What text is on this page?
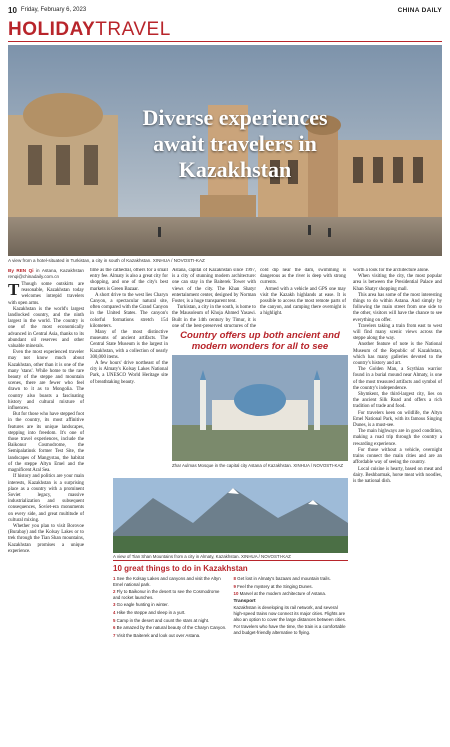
10 Friday, February 6, 2023	CHINA DAILY
HOLIDAY TRAVEL
Diverse experiences
await travelers in
Kazakhstan
A view from a hotel-situated in Turkistan, a city in south of Kazakhstan. XINHUA / NOVOSTI-KAZ
By REN Qi in Astana, Kazakhstan renqi@chinadaily.com.cn

T Though some outskirts are reasonable, Kazakhstan today welcomes intrepid travelers with open arms.

Kazakhstan is the world's largest landlocked country, and the ninth largest in the world. The country is one of the most economically advanced in Central Asia, thanks to its abundant oil reserves and other valuable minerals.

Even the most experienced traveler may not know much about Kazakhstan, other than it is one of the many 'stans'. While home to the rare beauty of the steppe and mountain scenes, there are fewer who feel drawn to it as to Mongolia. The country also boasts a fascinating history and cultural mixture of influences.

But for those who have stepped foot in the country, its most affinitive features are its unique landscapes, stepping into freedom. It's one of those travel experiences, include the Baikonur Cosmodrome, the Semipalatinsk former Test Site, the landscapes of Mangystau, the habitat of the steppe Altyn Emel and the magnificent Aral Sea.

If history and politics are your main interests, Kazakhstan is a surprising place as a country with a prominent Soviet legacy, massive industrialization and subsequent consequences, Soviet-era monuments on every side, and great multitude of cultural mixing.

Whether you plan to visit Borovoe (Burabay) and the Kolsay Lakes or to trek through the Tian Shan mountains, Kazakhstan promises a unique experience.

time as the cathedral, others for a small entry fee. Almaty is also a great city for shopping, and one of the city's best markets is Green Bazaar.

A short drive to the west lies Charyn Canyon, a spectacular natural site, often compared with the Grand Canyon in the United States. The canyon's colorful formations stretch 154 kilometers.

Many of the most distinctive museums of ancient artifacts. The Central State Museum is the largest in Kazakhstan, with a collection of nearly 300,000 items.

A few hours' drive northeast of the city is Almaty's Kolsay Lakes National Park, a UNESCO World Heritage site of breathtaking beauty.

Country offers up both ancient and modern wonders for all to see
Zhar Aulmas Mosque in the capital city Astana of Kazakhstan. XINHUA / NOVOSTI-KAZ
A view of Tian Shan Mountains from a city in Almaty, Kazakhstan. XINHUA / NOVOSTI-KAZ

cold dip near the dam, swimming is dangerous as the river is deep with strong currents.

Armed with a vehicle and GPS one may visit the Kazakh highlands at ease. It is possible to access the most remote parts of the canyon, and camping there overnight is a highlight.

Astana, capital of Kazakhstan since 1997, is a city of stunning modern architecture: one can stay in the Baiterek Tower with views of the city. The Khan Shatyr entertainment center, designed by Norman Foster, is a huge transparent tent.

Turkistan, a city in the south, is home to the Mausoleum of Khoja Ahmed Yasawi. Built in the 14th century by Timur, it is one of the best-preserved structures of the

worth a look for the architecture alone.

When visiting the city, the most popular area is between the Presidential Palace and Khan Shatyr shopping mall.

This area has some of the most interesting things to do within Astana. And simply by following the main street from one side to the other, visitors will have the chance to see everything on offer.

Travelers taking a train from east to west will find many scenic views across the steppe along the way.

Another feature of note is the National Museum of the Republic of Kazakhstan, which has many galleries devoted to the country's history and art.

The Golden Man, a Scythian warrior found in a burial mound near Almaty, is one of the most treasured artifacts and symbol of the country's independence.

Shymkent, the third-largest city, lies on the ancient Silk Road and offers a rich tradition of trade and food.

For travelers keen on wildlife, the Altyn Emel National Park, with its famous Singing Dunes, is a must-see.

The main highways are in good condition, making a road trip through the country a rewarding experience.

For those without a vehicle, overnight trains connect the main cities and are an affordable way of seeing the country.

Local cuisine is hearty, based on meat and dairy. Beshbarmak, horse meat with noodles, is the national dish.

10 great things to do in Kazakhstan
1 See the Kolsay Lakes and canyons and visit the Altyn Emel national park.
2 Fly to Baikonur in the desert to see the Cosmodrome and rocket launches.
3 Go eagle hunting in winter.
4 Hike the steppe and sleep in a yurt.
5 Camp in the desert and count the stars at night.
6 Be amazed by the natural beauty of the Charyn Canyon.
7 Visit the Baiterek and look out over Astana.
8 Get lost in Almaty's bazaars and mountain trails.
9 Feel the mystery at the Singing Dunes.
10 Marvel at the modern architecture of Astana.
Transport
Kazakhstan is developing its rail network, and several high-speed trains now connect its major cities. Flights are also an option to cover the large distances between cities.
For travelers who have the time, the train is a comfortable and budget-friendly alternative to flying.
